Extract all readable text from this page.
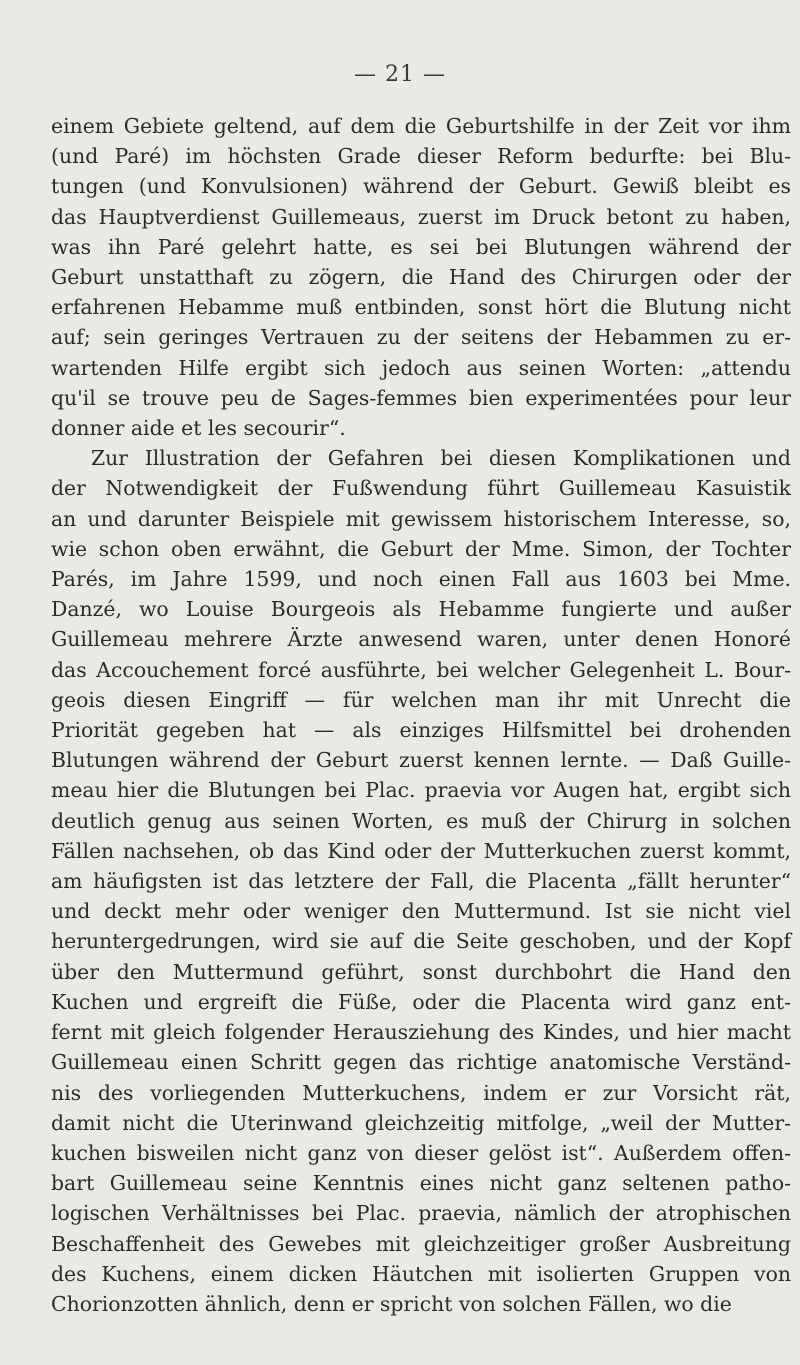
— 21 —
einem Gebiete geltend, auf dem die Geburtshilfe in der Zeit vor ihm
(und Paré) im höchsten Grade dieser Reform bedurfte: bei Blu-
tungen (und Konvulsionen) während der Geburt. Gewiß bleibt es
das Hauptverdienst Guillemeaus, zuerst im Druck betont zu haben,
was ihn Paré gelehrt hatte, es sei bei Blutungen während der
Geburt unstatthaft zu zögern, die Hand des Chirurgen oder der
erfahrenen Hebamme muß entbinden, sonst hört die Blutung nicht
auf; sein geringes Vertrauen zu der seitens der Hebammen zu er-
wartenden Hilfe ergibt sich jedoch aus seinen Worten: „attendu
qu'il se trouve peu de Sages-femmes bien experimentées pour leur
donner aide et les secourir“.
Zur Illustration der Gefahren bei diesen Komplikationen und
der Notwendigkeit der Fußwendung führt Guillemeau Kasuistik
an und darunter Beispiele mit gewissem historischem Interesse, so,
wie schon oben erwähnt, die Geburt der Mme. Simon, der Tochter
Parés, im Jahre 1599, und noch einen Fall aus 1603 bei Mme.
Danzé, wo Louise Bourgeois als Hebamme fungierte und außer
Guillemeau mehrere Ärzte anwesend waren, unter denen Honoré
das Accouchement forcé ausführte, bei welcher Gelegenheit L. Bour-
geois diesen Eingriff — für welchen man ihr mit Unrecht die
Priorität gegeben hat — als einziges Hilfsmittel bei drohenden
Blutungen während der Geburt zuerst kennen lernte. — Daß Guille-
meau hier die Blutungen bei Plac. praevia vor Augen hat, ergibt sich
deutlich genug aus seinen Worten, es muß der Chirurg in solchen
Fällen nachsehen, ob das Kind oder der Mutterkuchen zuerst kommt,
am häufigsten ist das letztere der Fall, die Placenta „fällt herunter“
und deckt mehr oder weniger den Muttermund. Ist sie nicht viel
heruntergedrungen, wird sie auf die Seite geschoben, und der Kopf
über den Muttermund geführt, sonst durchbohrt die Hand den
Kuchen und ergreift die Füße, oder die Placenta wird ganz ent-
fernt mit gleich folgender Herausziehung des Kindes, und hier macht
Guillemeau einen Schritt gegen das richtige anatomische Verständ-
nis des vorliegenden Mutterkuchens, indem er zur Vorsicht rät,
damit nicht die Uterinwand gleichzeitig mitfolge, „weil der Mutter-
kuchen bisweilen nicht ganz von dieser gelöst ist“. Außerdem offen-
bart Guillemeau seine Kenntnis eines nicht ganz seltenen patho-
logischen Verhältnisses bei Plac. praevia, nämlich der atrophischen
Beschaffenheit des Gewebes mit gleichzeitiger großer Ausbreitung
des Kuchens, einem dicken Häutchen mit isolierten Gruppen von
Chorionzotten ähnlich, denn er spricht von solchen Fällen, wo die
